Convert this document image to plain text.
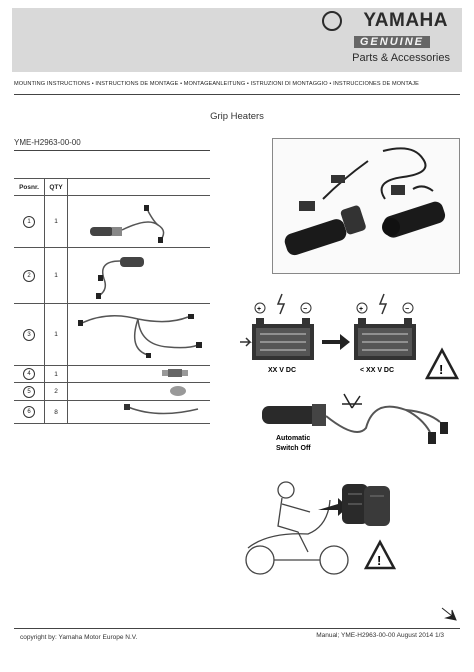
YAMAHA
GENUINE
Parts & Accessories
MOUNTING INSTRUCTIONS • INSTRUCTIONS DE MONTAGE • MONTAGEANLEITUNG • ISTRUZIONI DI MONTAGGIO • INSTRUCCIONES DE MONTAJE
Grip Heaters
YME-H2963-00-00
Posnr.	QTY	
1	1	
2	1	
3	1	
4	1	
5	2	
6	8	
XX V DC	< XX V DC
+	−	+	−
!
Automatic
Switch Off
!
copyright by: Yamaha Motor Europe N.V.	Manual; YME-H2963-00-00 August 2014 1/3
